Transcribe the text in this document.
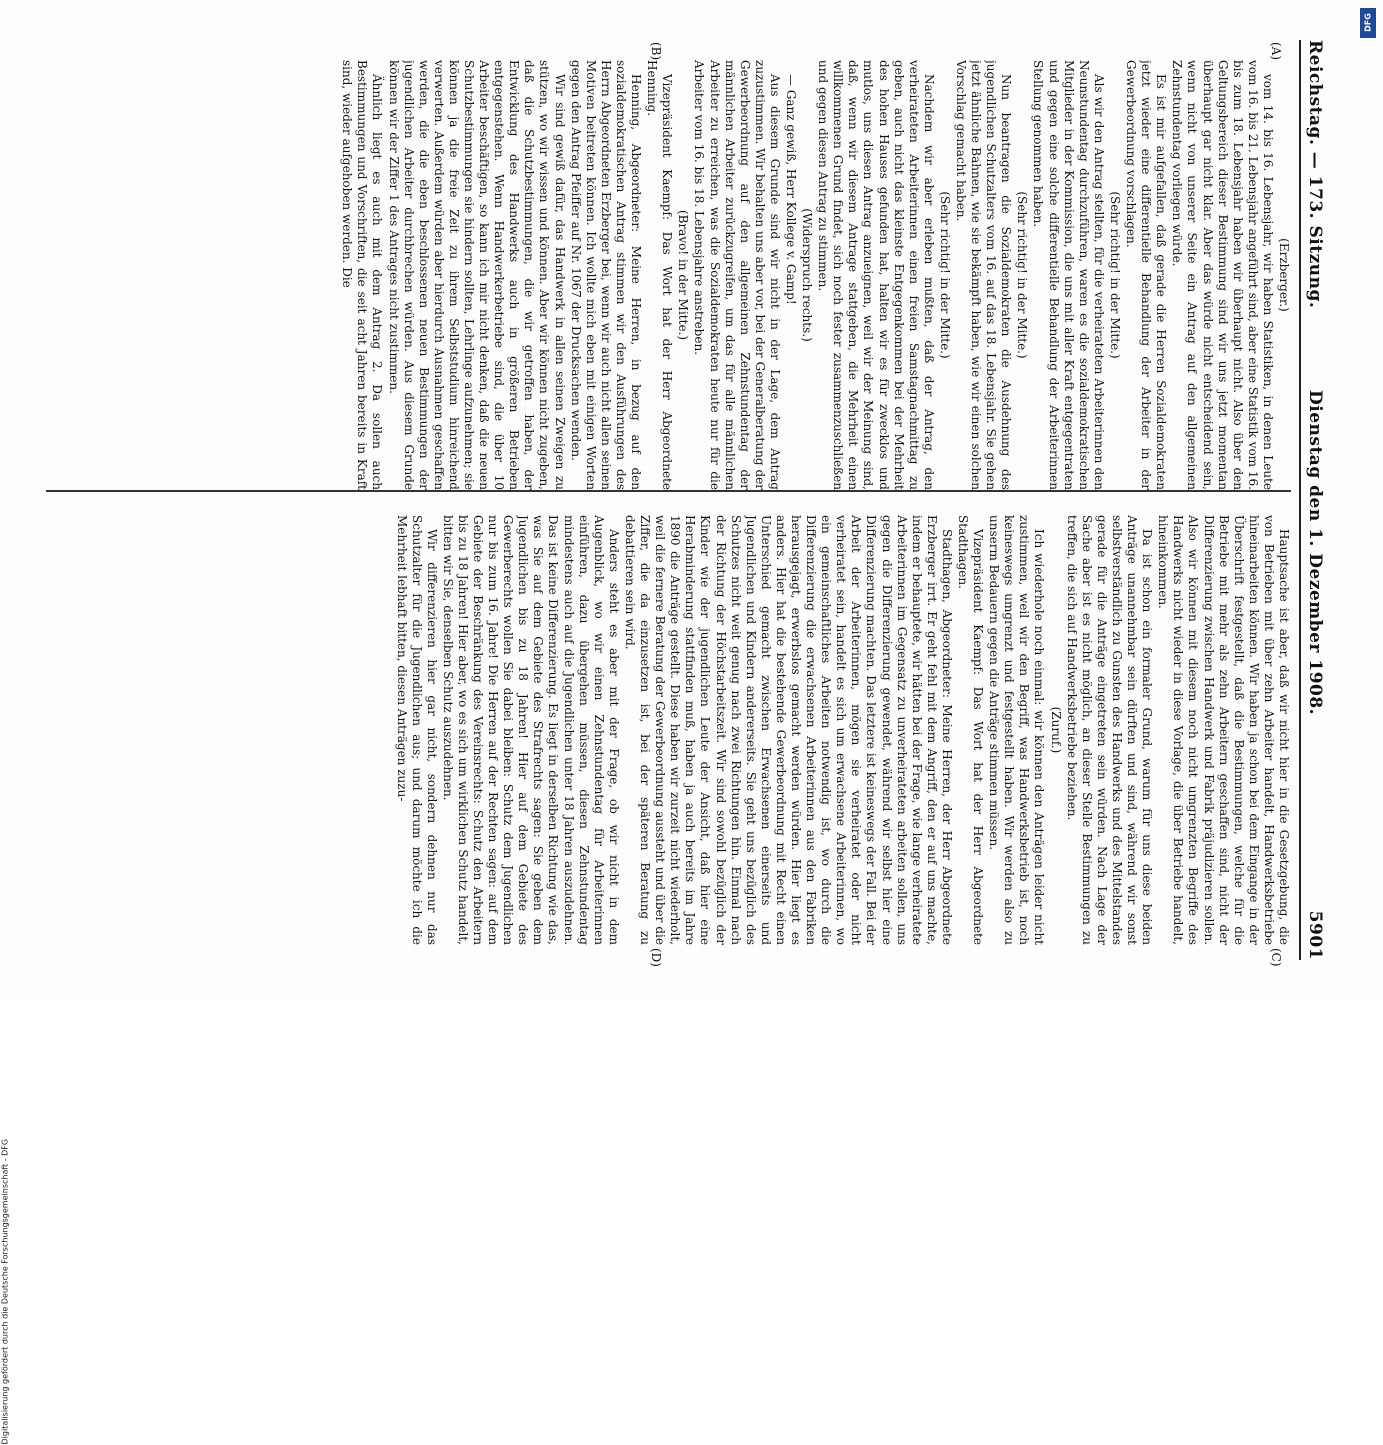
Reichstag. — 173. Sitzung.
Dienstag den 1. Dezember 1908.
5901
(A)
(B)
(C)
(D)

(Erzberger.)

vom 14. bis 16. Lebensjahr, wir haben Statistiken, in denen Leute vom 16. bis 21. Lebensjahr angeführt sind, aber eine Statistik vom 16. bis zum 18. Lebensjahr haben wir überhaupt nicht. Also über den Geltungsbereich dieser Bestimmung sind wir uns jetzt momentan überhaupt gar nicht klar. Aber das würde nicht entscheidend sein, wenn nicht von unserer Seite ein Antrag auf den allgemeinen Zehnstundentag vorliegen würde.

Es ist mir aufgefallen, daß gerade die Herren Sozialdemokraten jetzt wieder eine differentielle Behandlung der Arbeiter in der Gewerbeordnung vorschlagen.

(Sehr richtig! in der Mitte.)

Als wir den Antrag stellten, für die verheirateten Arbeiterinnen den Neunstundentag durchzuführen, waren es die sozialdemokratischen Mitglieder in der Kommission, die uns mit aller Kraft entgegentraten und gegen eine solche differentielle Behandlung der Arbeiterinnen Stellung genommen haben.

(Sehr richtig! in der Mitte.)

Nun beantragen die Sozialdemokraten die Ausdehnung des jugendlichen Schutzalters vom 16. auf das 18. Lebensjahr. Sie gehen jetzt ähnliche Bahnen, wie sie bekämpft haben, wie wir einen solchen Vorschlag gemacht haben.

(Sehr richtig! in der Mitte.)

Nachdem wir aber erleben mußten, daß der Antrag, den verheirateten Arbeiterinnen einen freien Samstagnachmittag zu geben, auch nicht das kleinste Entgegenkommen bei der Mehrheit des hohen Hauses gefunden hat, halten wir es für zwecklos und mutlos, uns diesen Antrag anzueignen, weil wir der Meinung sind, daß, wenn wir diesem Antrage stattgeben, die Mehrheit einen willkommenen Grund findet, sich noch fester zusammenzuschließen und gegen diesen Antrag zu stimmen.

(Widerspruch rechts.)

— Ganz gewiß, Herr Kollege v. Gamp!

Aus diesem Grunde sind wir nicht in der Lage, dem Antrag zuzustimmen. Wir behalten uns aber vor, bei der Generalberatung der Gewerbeordnung auf den allgemeinen Zehnstundentag der männlichen Arbeiter zurückzugreifen, um das für alle männlichen Arbeiter zu erreichen, was die Sozialdemokraten heute nur für die Arbeiter vom 16. bis 18. Lebensjahre anstreben.

(Bravo! in der Mitte.)

Vizepräsident Kaempf: Das Wort hat der Herr Abgeordnete Henning.

Henning, Abgeordneter: Meine Herren, in bezug auf den sozialdemokratischen Antrag stimmen wir den Ausführungen des Herrn Abgeordneten Erzberger bei, wenn wir auch nicht allen seinen Motiven beitreten können. Ich wollte mich eben mit einigen Worten gegen den Antrag Pfeiffer auf Nr. 1067 der Drucksachen wenden.

Wir sind gewiß dafür, das Handwerk in allen seinen Zweigen zu stützen, wo wir wissen und können. Aber wir können nicht zugeben, daß die Schutzbestimmungen, die wir getroffen haben, der Entwicklung des Handwerks auch in größeren Betrieben entgegenstehen. Wenn Handwerkerbetriebe sind, die über 10 Arbeiter beschäftigen, so kann ich mir nicht denken, daß die neuen Schutzbestimmungen sie hindern sollten, Lehrlinge aufzunehmen; sie können ja die freie Zeit zu ihrem Selbststudium hinreichend verwerten. Außerdem würden aber hierdurch Ausnahmen geschaffen werden, die die eben beschlossenen neuen Bestimmungen der jugendlichen Arbeiter durchbrechen würden. Aus diesem Grunde können wir der Ziffer 1 des Antrages nicht zustimmen.

Ähnlich liegt es auch mit dem Antrag 2. Da sollen auch Bestimmungen und Vorschriften, die seit acht Jahren bereits in Kraft sind, wieder aufgehoben werden. Die

Hauptsache ist aber, daß wir nicht hier in die Gesetzgebung, die von Betrieben mit über zehn Arbeiter handelt, Handwerksbetriebe hineinarbeiten können. Wir haben ja schon bei dem Eingange in der Überschrift festgestellt, daß die Bestimmungen, welche für die Betriebe mit mehr als zehn Arbeitern geschaffen sind, nicht der Differenzierung zwischen Handwerk und Fabrik präjudizieren sollen. Also wir können mit diesem noch nicht umgrenzten Begriffe des Handwerks nicht wieder in diese Vorlage, die über Betriebe handelt, hineinkommen.

Da ist schon ein formaler Grund, warum für uns diese beiden Anträge unannehmbar sein dürften und sind, während wir sonst selbstverständlich zu Gunsten des Handwerks und des Mittelstandes gerade für die Anträge eingetreten sein würden. Nach Lage der Sache aber ist es nicht möglich, an dieser Stelle Bestimmungen zu treffen, die sich auf Handwerksbetriebe beziehen.

(Zuruf.)

Ich wiederhole noch einmal: wir können den Anträgen leider nicht zustimmen, weil wir den Begriff, was Handwerksbetrieb ist, noch keineswegs umgrenzt und festgestellt haben. Wir werden also zu unserm Bedauern gegen die Anträge stimmen müssen.

Vizepräsident Kaempf: Das Wort hat der Herr Abgeordnete Stadthagen.

Stadthagen, Abgeordneter: Meine Herren, der Herr Abgeordnete Erzberger irrt. Er geht fehl mit dem Angriff, den er auf uns machte, indem er behauptete, wir hätten bei der Frage, wie lange verheiratete Arbeiterinnen im Gegensatz zu unverheirateten arbeiten sollen, uns gegen die Differenzierung gewendet, während wir selbst hier eine Differenzierung machten. Das letztere ist keineswegs der Fall. Bei der Arbeit der Arbeiterinnen, mögen sie verheiratet oder nicht verheiratet sein, handelt es sich um erwachsene Arbeiterinnen, wo ein gemeinschaftliches Arbeiten notwendig ist, wo durch die Differenzierung die erwachsenen Arbeiterinnen aus den Fabriken herausgejagt, erwerbslos gemacht werden würden. Hier liegt es anders. Hier hat die bestehende Gewerbeordnung mit Recht einen Unterschied gemacht zwischen Erwachsenen einerseits und Jugendlichen und Kindern andererseits. Sie geht uns bezüglich des Schutzes nicht weit genug nach zwei Richtungen hin. Einmal nach der Richtung der Höchstarbeitszeit. Wir sind sowohl bezüglich der Kinder wie der jugendlichen Leute der Ansicht, daß hier eine Herabminderung stattfinden muß, haben ja auch bereits im Jahre 1890 die Anträge gestellt. Diese haben wir zurzeit nicht wiederholt, weil die fernere Beratung der Gewerbeordnung aussteht und über die Ziffer, die da einzusetzen ist, bei der späteren Beratung zu debattieren sein wird.

Anders steht es aber mit der Frage, ob wir nicht in dem Augenblick, wo wir einen Zehnstundentag für Arbeiterinnen einführen, dazu übergehen müssen, diesen Zehnstundentag mindestens auch auf die Jugendlichen unter 18 Jahren auszudehnen. Das ist keine Differenzierung. Es liegt in derselben Richtung wie das, was Sie auf dem Gebiete des Strafrechts sagen: Sie geben dem Jugendlichen bis zu 18 Jahren! Hier auf dem Gebiete des Gewerberechts wollen Sie dabei bleiben: Schutz dem Jugendlichen nur bis zum 16. Jahre! Die Herren auf der Rechten sagen: auf dem Gebiete der Beschränkung des Vereinsrechts: Schutz den Arbeitern bis zu 18 Jahren! Hier aber, wo es sich um wirklichen Schutz handelt, bitten wir Sie, denselben Schutz auszudehnen.

Wir differenzieren hier gar nicht, sondern dehnen nur das Schutzalter für die Jugendlichen aus; und darum möchte ich die Mehrheit lebhaft bitten, diesen Anträgen zuzu-

Digitalisierung gefördert durch die Deutsche Forschungsgemeinschaft - DFG
DFG
